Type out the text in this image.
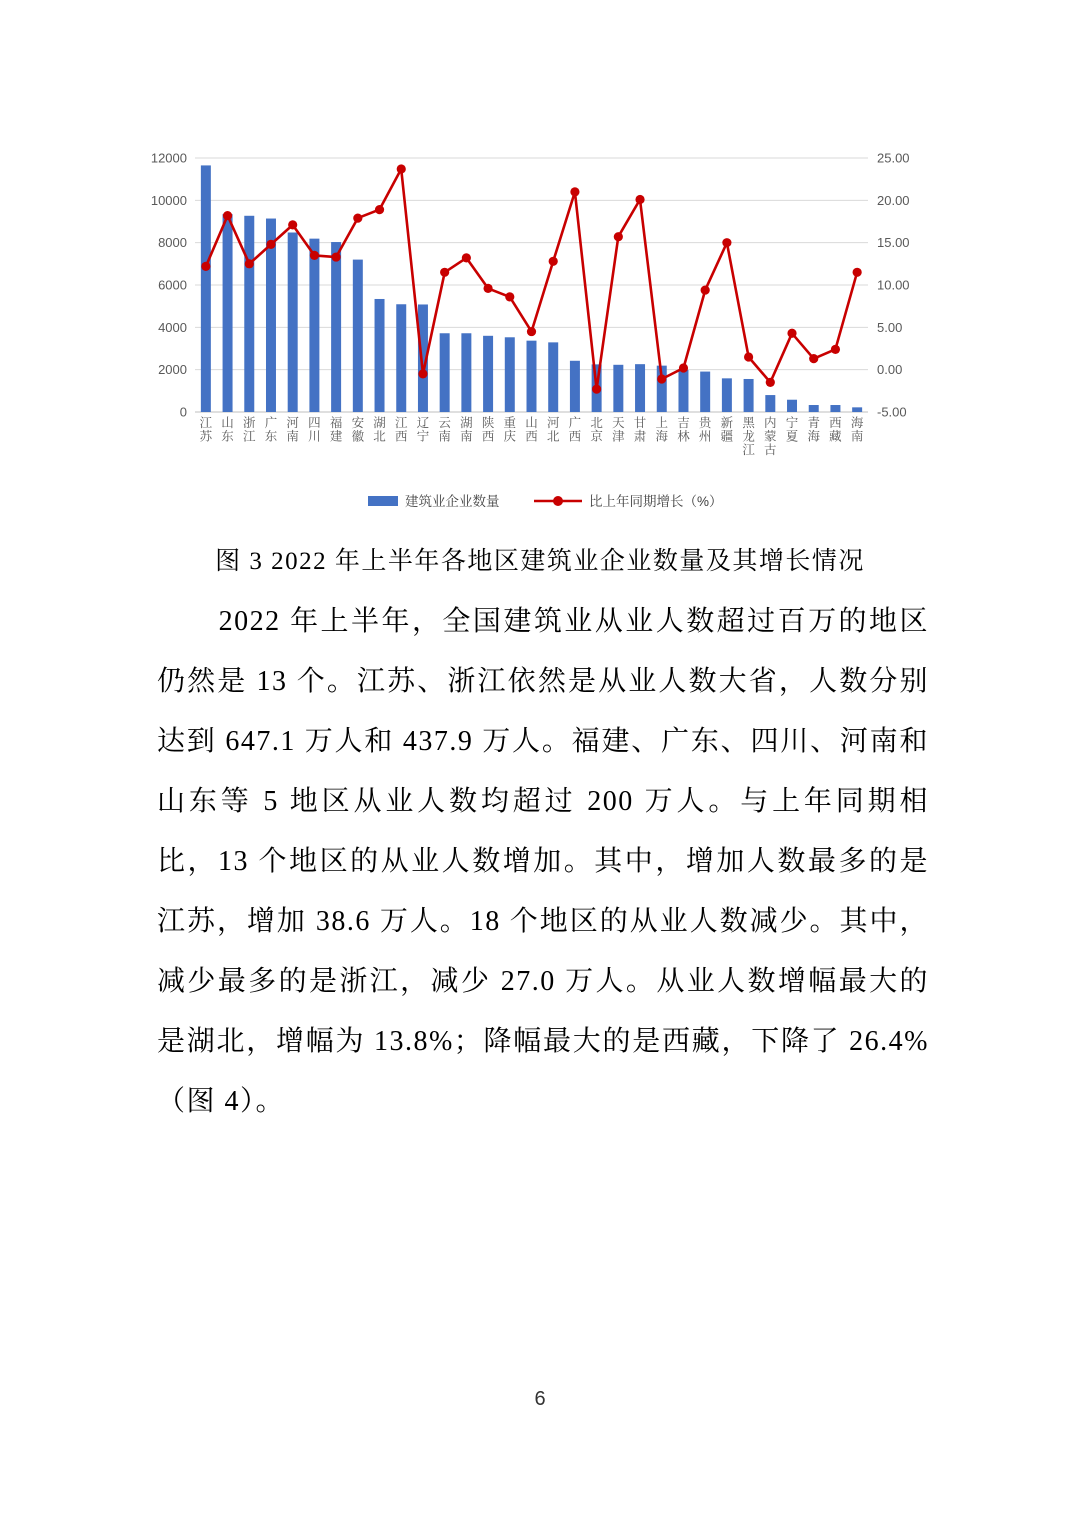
0	-5.00
2000	0.00
4000	5.00
6000	10.00
8000	15.00
10000	20.00
12000	25.00
江苏
山东
浙江
广东
河南
四川
福建
安徽
湖北
江西
辽宁
云南
湖南
陕西
重庆
山西
河北
广西
北京
天津
甘肃
上海
吉林
贵州
新疆
黑龙江
内蒙古
宁夏
青海
西藏
海南
建筑业企业数量	比上年同期增长（%）
图 3 2022 年上半年各地区建筑业企业数量及其增长情况
2022 年上半年，全国建筑业从业人数超过百万的地区仍然是 13 个。江苏、浙江依然是从业人数大省，人数分别达到 647.1 万人和 437.9 万人。福建、广东、四川、河南和山东等 5 地区从业人数均超过 200 万人。与上年同期相比，13 个地区的从业人数增加。其中，增加人数最多的是江苏，增加 38.6 万人。18 个地区的从业人数减少。其中，减少最多的是浙江，减少 27.0 万人。从业人数增幅最大的是湖北，增幅为 13.8%；降幅最大的是西藏，下降了 26.4%（图 4）。
6
